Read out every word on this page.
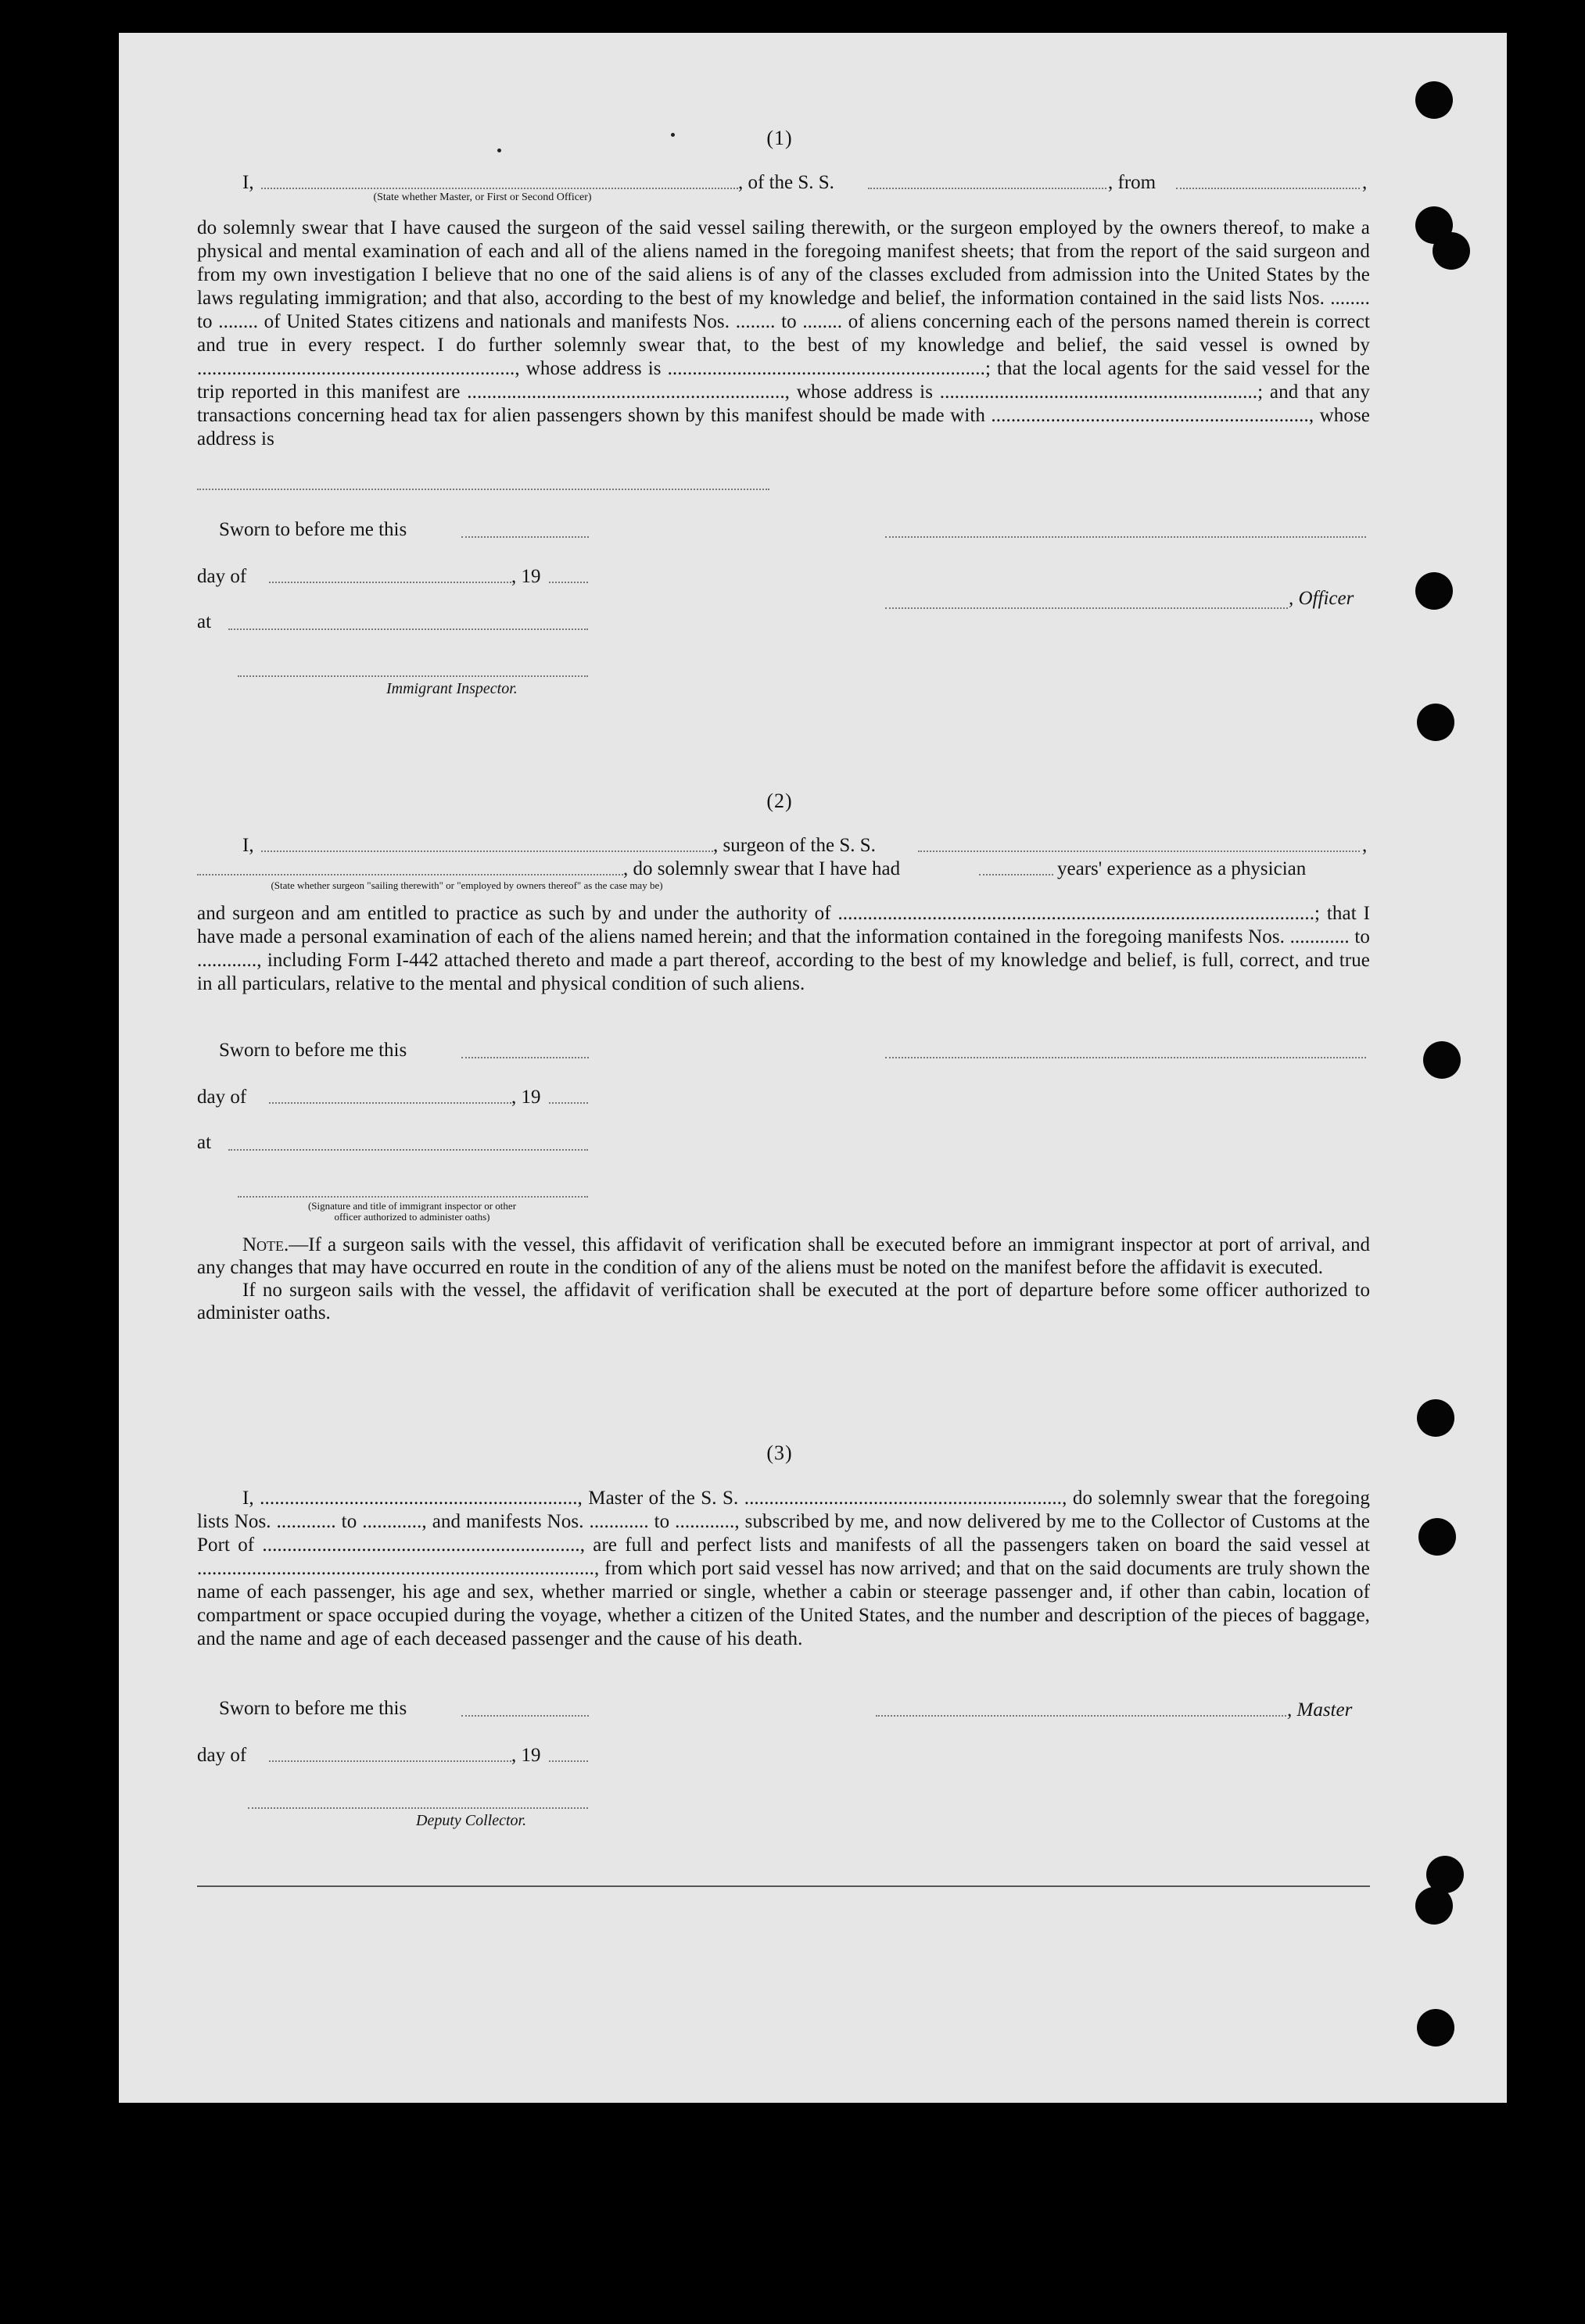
(1)
I,	, of the S. S.	, from	,
(State whether Master, or First or Second Officer)
do solemnly swear that I have caused the surgeon of the said vessel sailing therewith, or the surgeon employed by the owners thereof, to make a physical and mental examination of each and all of the aliens named in the foregoing manifest sheets; that from the report of the said surgeon and from my own investigation I believe that no one of the said aliens is of any of the classes excluded from admission into the United States by the laws regulating immigration; and that also, according to the best of my knowledge and belief, the information contained in the said lists Nos. ........ to ........ of United States citizens and nationals and manifests Nos. ........ to ........ of aliens concerning each of the persons named therein is correct and true in every respect. I do further solemnly swear that, to the best of my knowledge and belief, the said vessel is owned by ................................................................, whose address is ................................................................; that the local agents for the said vessel for the trip reported in this manifest are ................................................................, whose address is ................................................................; and that any transactions concerning head tax for alien passengers shown by this manifest should be made with ................................................................, whose address is
Sworn to before me this
day of	, 19
, Officer
at
Immigrant Inspector.
(2)
I,	, surgeon of the S. S.	,
, do solemnly swear that I have had	years' experience as a physician
(State whether surgeon "sailing therewith" or "employed by owners thereof" as the case may be)
and surgeon and am entitled to practice as such by and under the authority of ................................................................................................; that I have made a personal examination of each of the aliens named herein; and that the information contained in the foregoing manifests Nos. ............ to ............, including Form I-442 attached thereto and made a part thereof, according to the best of my knowledge and belief, is full, correct, and true in all particulars, relative to the mental and physical condition of such aliens.
Sworn to before me this
day of	, 19
at
(Signature and title of immigrant inspector or other officer authorized to administer oaths)
Note.—If a surgeon sails with the vessel, this affidavit of verification shall be executed before an immigrant inspector at port of arrival, and any changes that may have occurred en route in the condition of any of the aliens must be noted on the manifest before the affidavit is executed.
If no surgeon sails with the vessel, the affidavit of verification shall be executed at the port of departure before some officer authorized to administer oaths.
(3)
I, ................................................................, Master of the S. S. ................................................................, do solemnly swear that the foregoing lists Nos. ............ to ............, and manifests Nos. ............ to ............, subscribed by me, and now delivered by me to the Collector of Customs at the Port of ................................................................, are full and perfect lists and manifests of all the passengers taken on board the said vessel at ................................................................................, from which port said vessel has now arrived; and that on the said documents are truly shown the name of each passenger, his age and sex, whether married or single, whether a cabin or steerage passenger and, if other than cabin, location of compartment or space occupied during the voyage, whether a citizen of the United States, and the number and description of the pieces of baggage, and the name and age of each deceased passenger and the cause of his death.
Sworn to before me this	, Master
day of	, 19
Deputy Collector.
